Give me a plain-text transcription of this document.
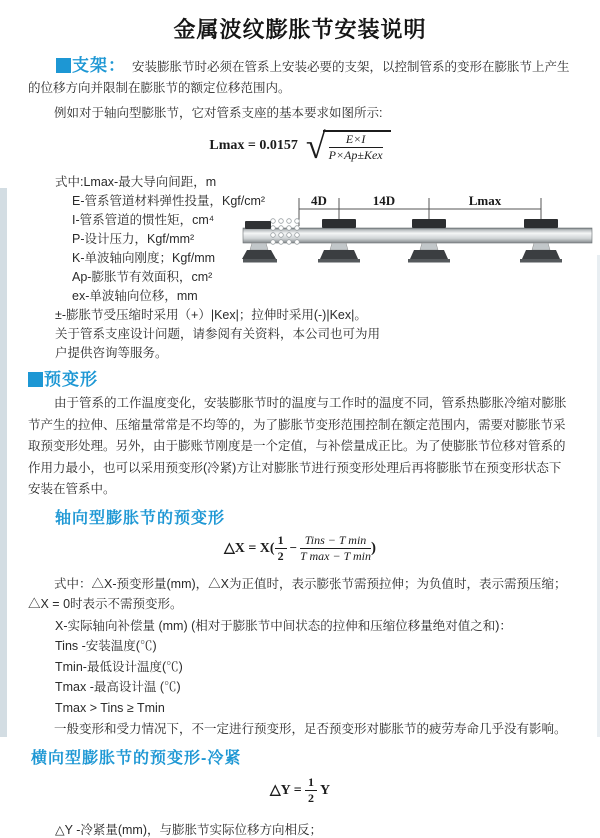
金属波纹膨胀节安装说明
支架： 安装膨胀节时必须在管系上安装必要的支架，以控制管系的变形在膨胀节上产生的位移方向并限制在膨胀节的额定位移范围内。
例如对于轴向型膨胀节，它对管系支座的基本要求如图所示:
Lmax = 0.0157 √ $\frac{E\times I}{\text{P×Ap±Kex}}$
式中:Lmax-最大导向间距，m
E-管系管道材料弹性投量，Kgf/cm²
I-管系管道的惯性矩，cm⁴
P-设计压力，Kgf/mm²
K-单波轴向刚度；Kgf/mm
Ap-膨胀节有效面积，cm²
ex-单波轴向位移，mm
±-膨胀节受压缩时采用（+）|Kex|；拉伸时采用(-)|Kex|。
关于管系支座设计问题，请参阅有关资料，本公司也可为用户提供咨询等服务。
4D	14D	Lmax
预变形
由于管系的工作温度变化，安装膨胀节时的温度与工作时的温度不同，管系热膨胀冷缩对膨胀节产生的拉伸、压缩量常常是不均等的，为了膨胀节变形范围控制在额定范围内，需要对膨胀节采取预变形处理。另外，由于膨账节刚度是一个定值，与补偿量成正比。为了使膨胀节位移对管系的作用力最小，也可以采用预变形(冷紧)方让对膨胀节进行预变形处理后再将膨胀节在预变形状态下安装在管系中。
轴向型膨胀节的预变形
△X = $X( \frac{1}{2} - \frac{\text{Tins − T min}}{\text{T max − T min}}$ )
式中：△X-预变形量(mm)，△X为正值时，表示膨张节需预拉伸；为负值时，表示需预压缩；△X = 0时表示不需预变形。
X-实际轴向补偿量 (mm) (相对于膨胀节中间状态的拉伸和压缩位移量绝对值之和)：
Tins -安装温度(℃)
Tmin-最低设计温度(℃)
Tmax -最高设计温 (℃)
Tmax > Tins ≥ Tmin
一般变形和受力情况下，不一定进行预变形，足否预变形对膨胀节的疲劳寿命几乎没有影响。
横向型膨胀节的预变形-冷紧
△Y = $\frac{1}{2}$ Y
△Y -冷紧量(mm)，与膨胀节实际位移方向相反；
